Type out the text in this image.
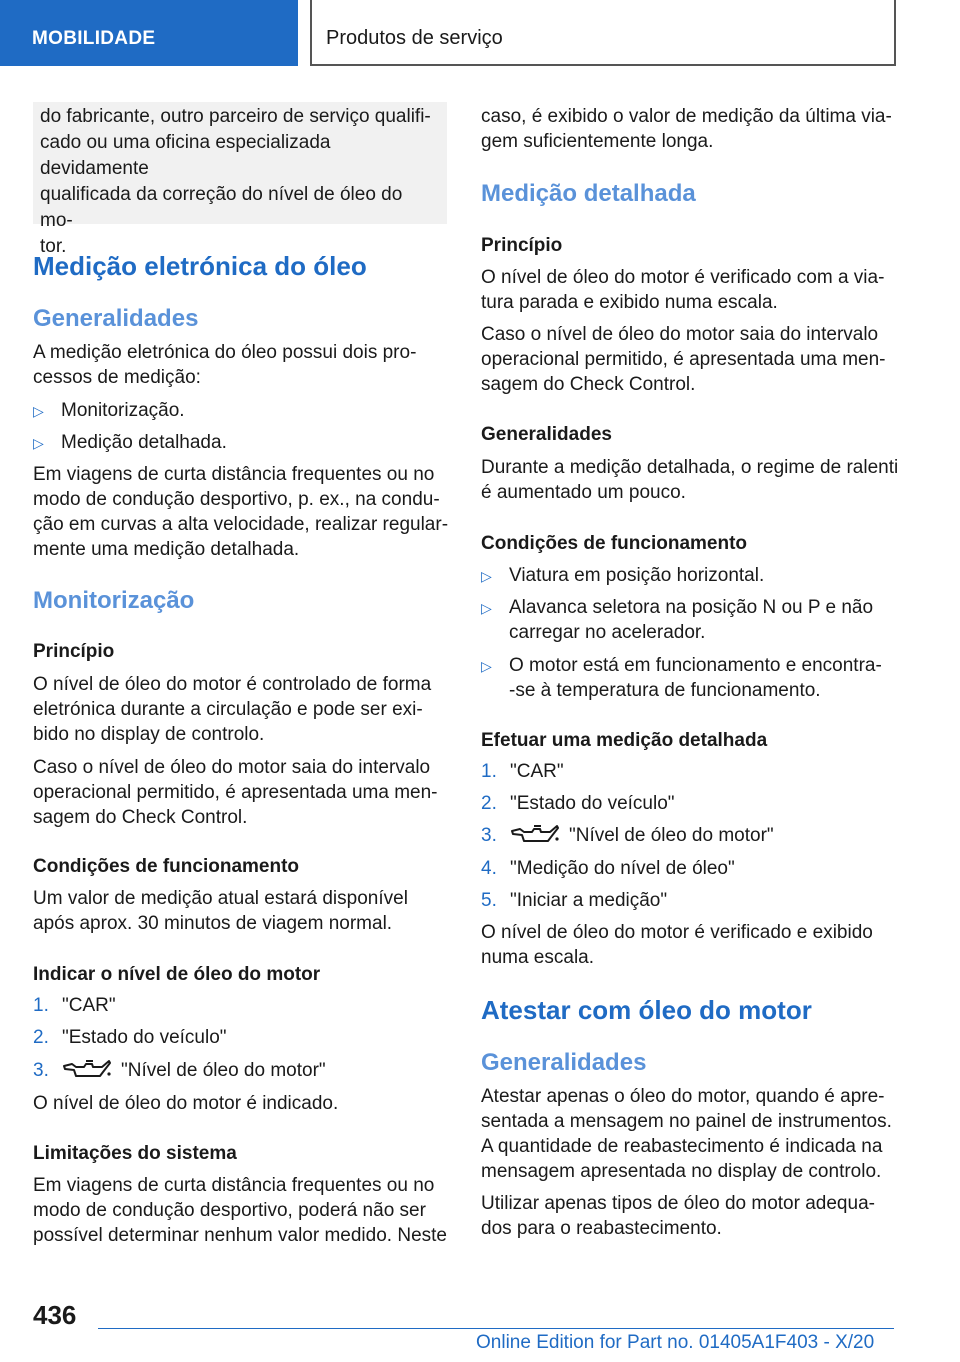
MOBILIDADE	Produtos de serviço

do fabricante, outro parceiro de serviço qualifi-

cado ou uma oficina especializada devidamente

qualificada da correção do nível de óleo do mo-

tor.

Medição eletrónica do óleo
Generalidades

A medição eletrónica do óleo possui dois pro-

cessos de medição:

▷ Monitorização.
▷ Medição detalhada.

Em viagens de curta distância frequentes ou no

modo de condução desportivo, p. ex., na condu-

ção em curvas a alta velocidade, realizar regular-

mente uma medição detalhada.

Monitorização
Princípio

O nível de óleo do motor é controlado de forma

eletrónica durante a circulação e pode ser exi-

bido no display de controlo.

Caso o nível de óleo do motor saia do intervalo

operacional permitido, é apresentada uma men-

sagem do Check Control.

Condições de funcionamento

Um valor de medição atual estará disponível

após aprox. 30 minutos de viagem normal.

Indicar o nível de óleo do motor
1. "CAR"
2. "Estado do veículo"
3.	"Nível de óleo do motor"

O nível de óleo do motor é indicado.

Limitações do sistema

Em viagens de curta distância frequentes ou no

modo de condução desportivo, poderá não ser

possível determinar nenhum valor medido. Neste

caso, é exibido o valor de medição da última via-

gem suficientemente longa.

Medição detalhada
Princípio

O nível de óleo do motor é verificado com a via-

tura parada e exibido numa escala.

Caso o nível de óleo do motor saia do intervalo

operacional permitido, é apresentada uma men-

sagem do Check Control.

Generalidades

Durante a medição detalhada, o regime de ralenti

é aumentado um pouco.

Condições de funcionamento
▷ Viatura em posição horizontal.
▷ Alavanca seletora na posição N ou P e não
carregar no acelerador.
▷ O motor está em funcionamento e encontra-
-se à temperatura de funcionamento.
Efetuar uma medição detalhada
1. "CAR"
2. "Estado do veículo"
3.	"Nível de óleo do motor"
4. "Medição do nível de óleo"
5. "Iniciar a medição"

O nível de óleo do motor é verificado e exibido

numa escala.

Atestar com óleo do motor
Generalidades

Atestar apenas o óleo do motor, quando é apre-

sentada a mensagem no painel de instrumentos.

A quantidade de reabastecimento é indicada na

mensagem apresentada no display de controlo.

Utilizar apenas tipos de óleo do motor adequa-

dos para o reabastecimento.

436
Online Edition for Part no. 01405A1F403 - X/20
